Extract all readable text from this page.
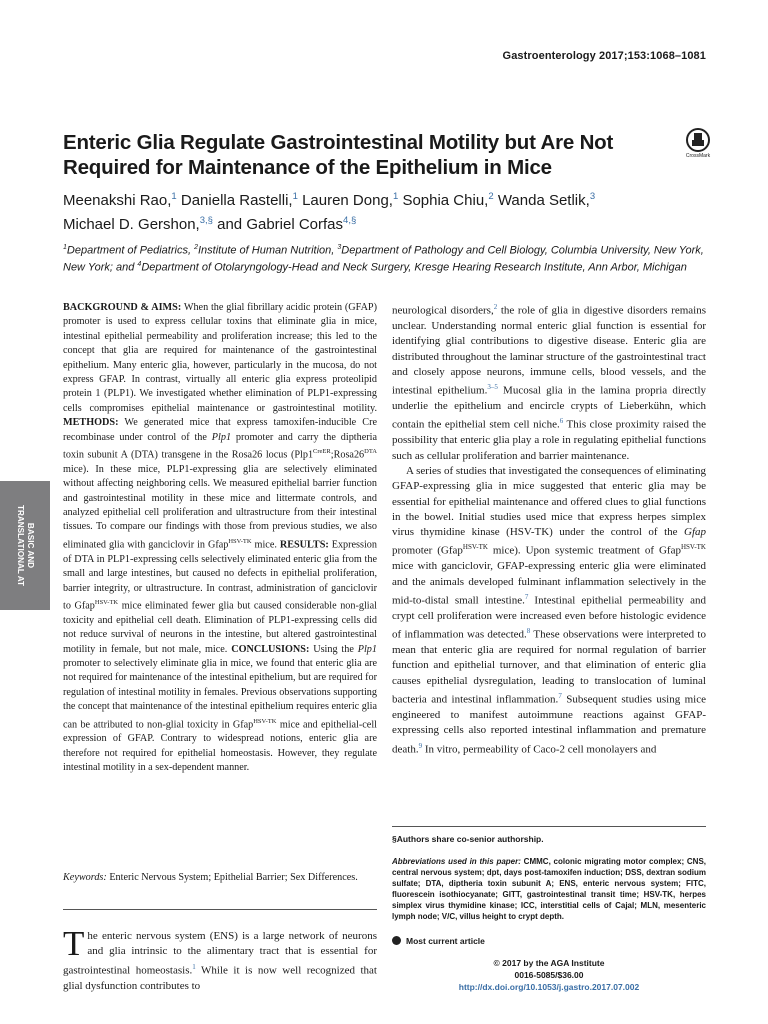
Gastroenterology 2017;153:1068–1081
BASIC AND
TRANSLATIONAL AT
Enteric Glia Regulate Gastrointestinal Motility but Are Not
Required for Maintenance of the Epithelium in Mice	CrossMark
Meenakshi Rao,$^1$ Daniella Rastelli,$^1$ Lauren Dong,$^1$ Sophia Chiu,$^2$ Wanda Setlik,$^3$
Michael D. Gershon,$^{3,\S}$ and Gabriel Corfas$^{4,\S}$
$^1$Department of Pediatrics, $^2$Institute of Human Nutrition, $^3$Department of Pathology and Cell Biology, Columbia University, New York, New York; and $^4$Department of Otolaryngology-Head and Neck Surgery, Kresge Hearing Research Institute, Ann Arbor, Michigan

BACKGROUND & AIMS: When the glial fibrillary acidic protein (GFAP) promoter is used to express cellular toxins that eliminate glia in mice, intestinal epithelial permeability and proliferation increase; this led to the concept that glia are required for maintenance of the gastrointestinal epithelium. Many enteric glia, however, particularly in the mucosa, do not express GFAP. In contrast, virtually all enteric glia express proteolipid protein 1 (PLP1). We investigated whether elimination of PLP1-expressing cells compromises epithelial maintenance or gastrointestinal motility. METHODS: We generated mice that express tamoxifen-inducible Cre recombinase under control of the Plp1 promoter and carry the diptheria toxin subunit A (DTA) transgene in the Rosa26 locus ($Plp1^{CreER};Rosa26^{DTA}$ mice). In these mice, PLP1-expressing glia are selectively eliminated without affecting neighboring cells. We measured epithelial barrier function and gastrointestinal motility in these mice and littermate controls, and analyzed epithelial cell proliferation and ultrastructure from their intestinal tissues. To compare our findings with those from previous studies, we also eliminated glia with ganciclovir in Gfap$^{HSV-TK}$ mice. RESULTS: Expression of DTA in PLP1-expressing cells selectively eliminated enteric glia from the small and large intestines, but caused no defects in epithelial proliferation, barrier integrity, or ultrastructure. In contrast, administration of ganciclovir to Gfap$^{HSV-TK}$ mice eliminated fewer glia but caused considerable non-glial toxicity and epithelial cell death. Elimination of PLP1-expressing cells did not reduce survival of neurons in the intestine, but altered gastrointestinal motility in female, but not male, mice. CONCLUSIONS: Using the Plp1 promoter to selectively eliminate glia in mice, we found that enteric glia are not required for maintenance of the intestinal epithelium, but are required for regulation of intestinal motility in females. Previous observations supporting the concept that maintenance of the intestinal epithelium requires enteric glia can be attributed to non-glial toxicity in Gfap$^{HSV-TK}$ mice and epithelial-cell expression of GFAP. Contrary to widespread notions, enteric glia are therefore not required for epithelial homeostasis. However, they regulate intestinal motility in a sex-dependent manner.

Keywords: Enteric Nervous System; Epithelial Barrier; Sex Differences.

The enteric nervous system (ENS) is a large network of neurons and glia intrinsic to the alimentary tract that is essential for gastrointestinal homeostasis.$^1$ While it is now well recognized that glial dysfunction contributes to

neurological disorders,$^2$ the role of glia in digestive disorders remains unclear. Understanding normal enteric glial function is essential for identifying glial contributions to digestive disease. Enteric glia are distributed throughout the laminar structure of the gastrointestinal tract and closely appose neurons, immune cells, blood vessels, and the intestinal epithelium.$^{3-5}$ Mucosal glia in the lamina propria directly underlie the epithelium and encircle crypts of Lieberkühn, which contain the epithelial stem cell niche.$^6$ This close proximity raised the possibility that enteric glia play a role in regulating epithelial functions such as cellular proliferation and barrier maintenance.

A series of studies that investigated the consequences of eliminating GFAP-expressing glia in mice suggested that enteric glia may be essential for epithelial maintenance and offered clues to glial functions in the bowel. Initial studies used mice that express herpes simplex virus thymidine kinase (HSV-TK) under the control of the Gfap promoter (Gfap$^{HSV-TK}$ mice). Upon systemic treatment of Gfap$^{HSV-TK}$ mice with ganciclovir, GFAP-expressing enteric glia were eliminated and the animals developed fulminant inflammation selectively in the mid-to-distal small intestine.$^7$ Intestinal epithelial permeability and crypt cell proliferation were increased even before histologic evidence of inflammation was detected.$^8$ These observations were interpreted to mean that enteric glia are required for normal regulation of barrier function and epithelial turnover, and that elimination of enteric glia causes epithelial dysregulation, leading to translocation of luminal bacteria and intestinal inflammation.$^7$ Subsequent studies using mice engineered to manifest autoimmune reactions against GFAP-expressing cells also reported intestinal inflammation and premature death.$^9$ In vitro, permeability of Caco-2 cell monolayers and

§Authors share co-senior authorship.
Abbreviations used in this paper: CMMC, colonic migrating motor complex; CNS, central nervous system; dpt, days post-tamoxifen induction; DSS, dextran sodium sulfate; DTA, diptheria toxin subunit A; ENS, enteric nervous system; FITC, fluorescein isothiocyanate; GITT, gastrointestinal transit time; HSV-TK, herpes simplex virus thymidine kinase; ICC, interstitial cells of Cajal; MLN, mesenteric lymph node; V/C, villus height to crypt depth.
Most current article
© 2017 by the AGA Institute
0016-5085/$36.00
http://dx.doi.org/10.1053/j.gastro.2017.07.002
